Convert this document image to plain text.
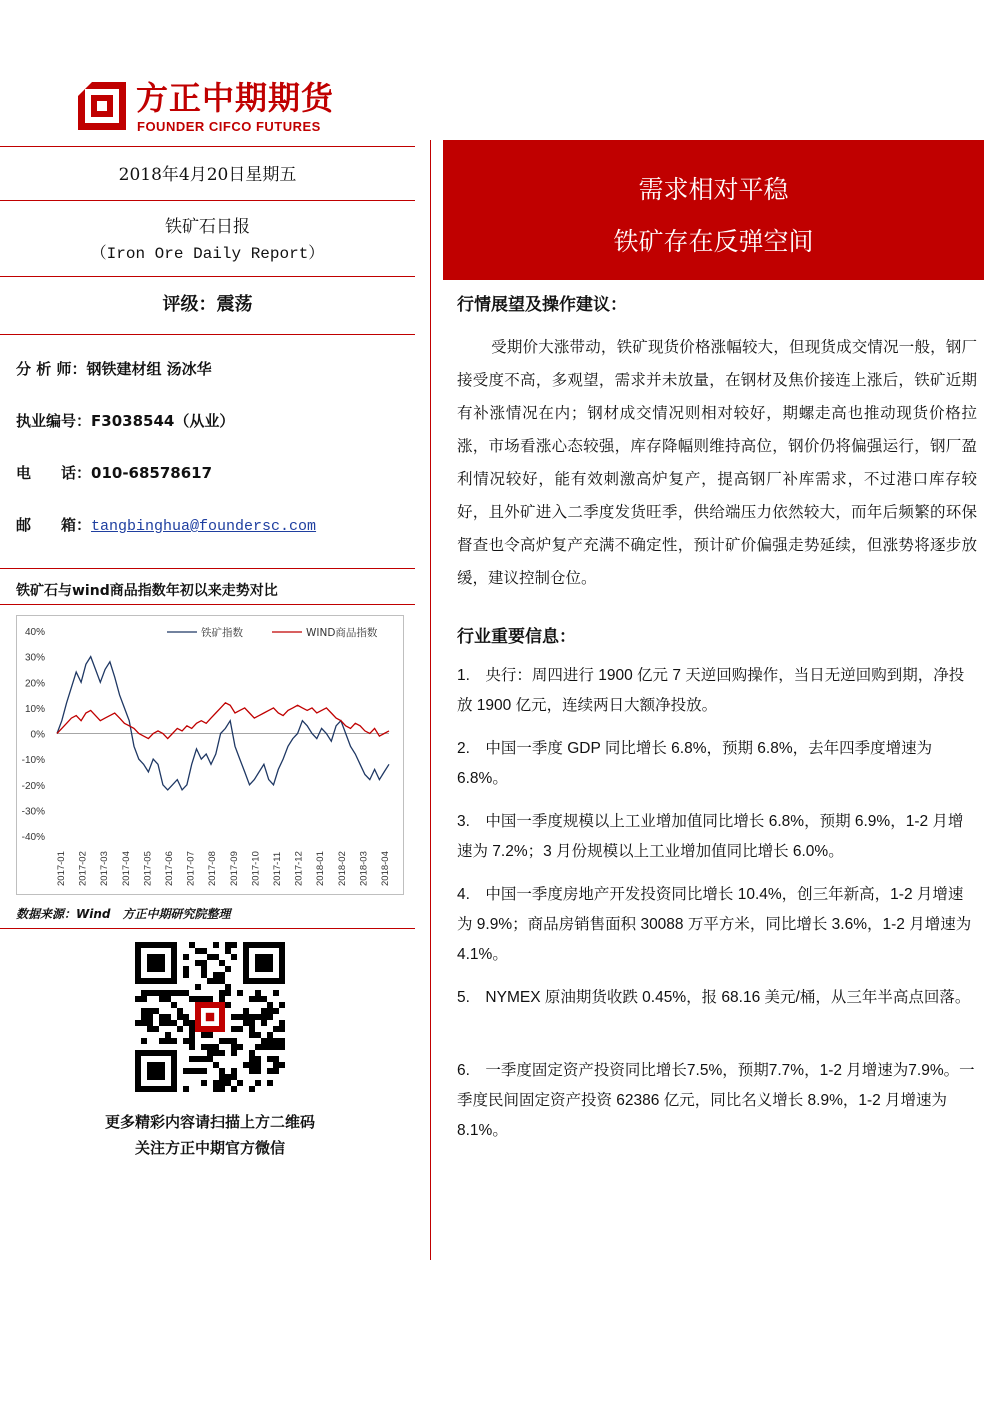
方正中期期货
FOUNDER CIFCO FUTURES
2018年4月20日星期五
铁矿石日报
（Iron Ore Daily Report）
评级：震荡
分 析 师：钢铁建材组 汤冰华
执业编号：F3038544（从业）
电　　话：010-68578617
邮　　箱：tangbinghua@foundersc.com
铁矿石与wind商品指数年初以来走势对比
40%
30%
20%
10%
0%
-10%
-20%
-30%
-40%
2017-01 2017-02 2017-03 2017-04 2017-05 2017-06 2017-07 2017-08 2017-09 2017-10 2017-11 2017-12 2018-01 2018-02 2018-03 2018-04
铁矿指数	WIND商品指数
数据来源：Wind　方正中期研究院整理
更多精彩内容请扫描上方二维码
关注方正中期官方微信
需求相对平稳
铁矿存在反弹空间
行情展望及操作建议：
受期价大涨带动，铁矿现货价格涨幅较大，但现货成交情况一般，钢厂接受度不高，多观望，需求并未放量，在钢材及焦价接连上涨后，铁矿近期有补涨情况在内；钢材成交情况则相对较好，期螺走高也推动现货价格拉涨，市场看涨心态较强，库存降幅则维持高位，钢价仍将偏强运行，钢厂盈利情况较好，能有效刺激高炉复产，提高钢厂补库需求，不过港口库存较好，且外矿进入二季度发货旺季，供给端压力依然较大，而年后频繁的环保督查也令高炉复产充满不确定性，预计矿价偏强走势延续，但涨势将逐步放缓，建议控制仓位。
行业重要信息：
1.　央行：周四进行 1900 亿元 7 天逆回购操作，当日无逆回购到期，净投放 1900 亿元，连续两日大额净投放。
2.　中国一季度 GDP 同比增长 6.8%，预期 6.8%，去年四季度增速为 6.8%。
3.　中国一季度规模以上工业增加值同比增长 6.8%，预期 6.9%，1-2 月增速为 7.2%；3 月份规模以上工业增加值同比增长 6.0%。
4.　中国一季度房地产开发投资同比增长 10.4%，创三年新高，1-2 月增速为 9.9%；商品房销售面积 30088 万平方米，同比增长 3.6%，1-2 月增速为 4.1%。
5.　NYMEX 原油期货收跌 0.45%，报 68.16 美元/桶，从三年半高点回落。
6.　一季度固定资产投资同比增长7.5%，预期7.7%，1-2 月增速为7.9%。一季度民间固定资产投资 62386 亿元，同比名义增长 8.9%，1-2 月增速为 8.1%。
